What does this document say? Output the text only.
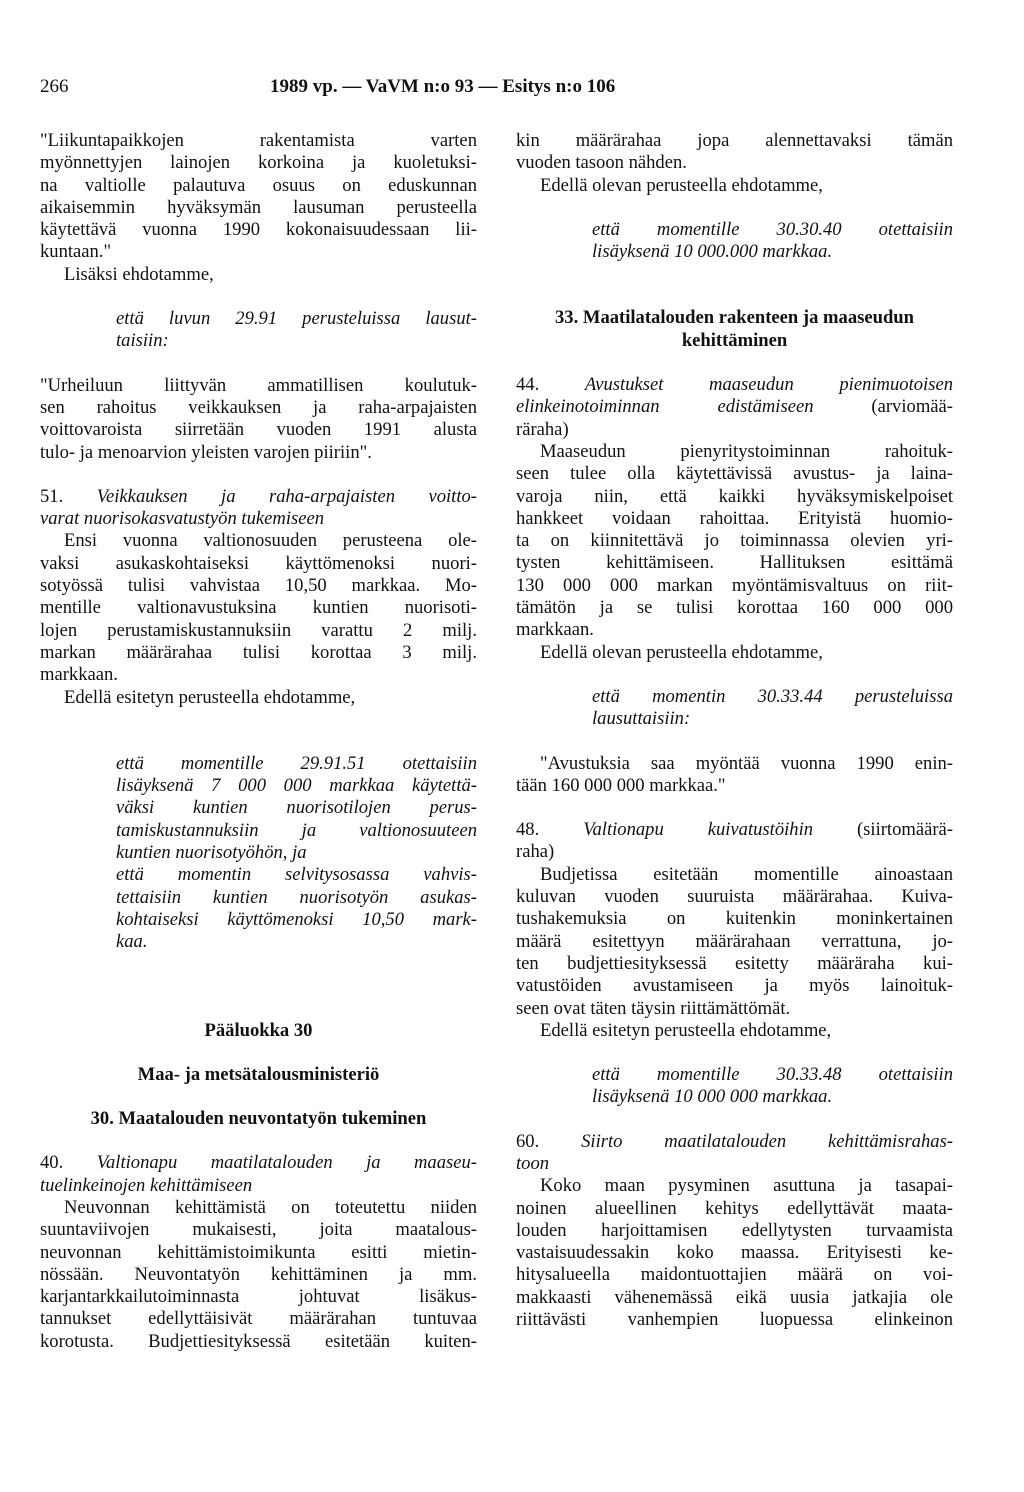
266	1989 vp. — VaVM n:o 93 — Esitys n:o 106

"Liikuntapaikkojen rakentamista varten

myönnettyjen lainojen korkoina ja kuoletuksi-

na valtiolle palautuva osuus on eduskunnan

aikaisemmin hyväksymän lausuman perusteella

käytettävä vuonna 1990 kokonaisuudessaan lii-

kuntaan."

Lisäksi ehdotamme,

että luvun 29.91 perusteluissa lausut-

taisiin:

"Urheiluun liittyvän ammatillisen koulutuk-

sen rahoitus veikkauksen ja raha-arpajaisten

voittovaroista siirretään vuoden 1991 alusta

tulo- ja menoarvion yleisten varojen piiriin".

51. Veikkauksen ja raha-arpajaisten voitto-

varat nuorisokasvatustyön tukemiseen

Ensi vuonna valtionosuuden perusteena ole-

vaksi asukaskohtaiseksi käyttömenoksi nuori-

sotyössä tulisi vahvistaa 10,50 markkaa. Mo-

mentille valtionavustuksina kuntien nuorisoti-

lojen perustamiskustannuksiin varattu 2 milj.

markan määrärahaa tulisi korottaa 3 milj.

markkaan.

Edellä esitetyn perusteella ehdotamme,

että momentille 29.91.51 otettaisiin

lisäyksenä 7 000 000 markkaa käytettä-

väksi kuntien nuorisotilojen perus-

tamiskustannuksiin ja valtionosuuteen

kuntien nuorisotyöhön, ja

että momentin selvitysosassa vahvis-

tettaisiin kuntien nuorisotyön asukas-

kohtaiseksi käyttömenoksi 10,50 mark-

kaa.

Pääluokka 30

Maa- ja metsätalousministeriö

30. Maatalouden neuvontatyön tukeminen

40. Valtionapu maatilatalouden ja maaseu-

tuelinkeinojen kehittämiseen

Neuvonnan kehittämistä on toteutettu niiden

suuntaviivojen mukaisesti, joita maatalous-

neuvonnan kehittämistoimikunta esitti mietin-

nössään. Neuvontatyön kehittäminen ja mm.

karjantarkkailutoiminnasta johtuvat lisäkus-

tannukset edellyttäisivät määrärahan tuntuvaa

korotusta. Budjettiesityksessä esitetään kuiten-

kin määrärahaa jopa alennettavaksi tämän

vuoden tasoon nähden.

Edellä olevan perusteella ehdotamme,

että momentille 30.30.40 otettaisiin

lisäyksenä 10 000.000 markkaa.

33. Maatilatalouden rakenteen ja maaseudun

kehittäminen

44. Avustukset maaseudun pienimuotoisen

elinkeinotoiminnan edistämiseen (arviomää-

räraha)

Maaseudun pienyritystoiminnan rahoituk-

seen tulee olla käytettävissä avustus- ja laina-

varoja niin, että kaikki hyväksymiskelpoiset

hankkeet voidaan rahoittaa. Erityistä huomio-

ta on kiinnitettävä jo toiminnassa olevien yri-

tysten kehittämiseen. Hallituksen esittämä

130 000 000 markan myöntämisvaltuus on riit-

tämätön ja se tulisi korottaa 160 000 000

markkaan.

Edellä olevan perusteella ehdotamme,

että momentin 30.33.44 perusteluissa

lausuttaisiin:

"Avustuksia saa myöntää vuonna 1990 enin-

tään 160 000 000 markkaa."

48. Valtionapu kuivatustöihin (siirtomäärä-

raha)

Budjetissa esitetään momentille ainoastaan

kuluvan vuoden suuruista määrärahaa. Kuiva-

tushakemuksia on kuitenkin moninkertainen

määrä esitettyyn määrärahaan verrattuna, jo-

ten budjettiesityksessä esitetty määräraha kui-

vatustöiden avustamiseen ja myös lainoituk-

seen ovat täten täysin riittämättömät.

Edellä esitetyn perusteella ehdotamme,

että momentille 30.33.48 otettaisiin

lisäyksenä 10 000 000 markkaa.

60. Siirto maatilatalouden kehittämisrahas-

toon

Koko maan pysyminen asuttuna ja tasapai-

noinen alueellinen kehitys edellyttävät maata-

louden harjoittamisen edellytysten turvaamista

vastaisuudessakin koko maassa. Erityisesti ke-

hitysalueella maidontuottajien määrä on voi-

makkaasti vähenemässä eikä uusia jatkajia ole

riittävästi vanhempien luopuessa elinkeinon
